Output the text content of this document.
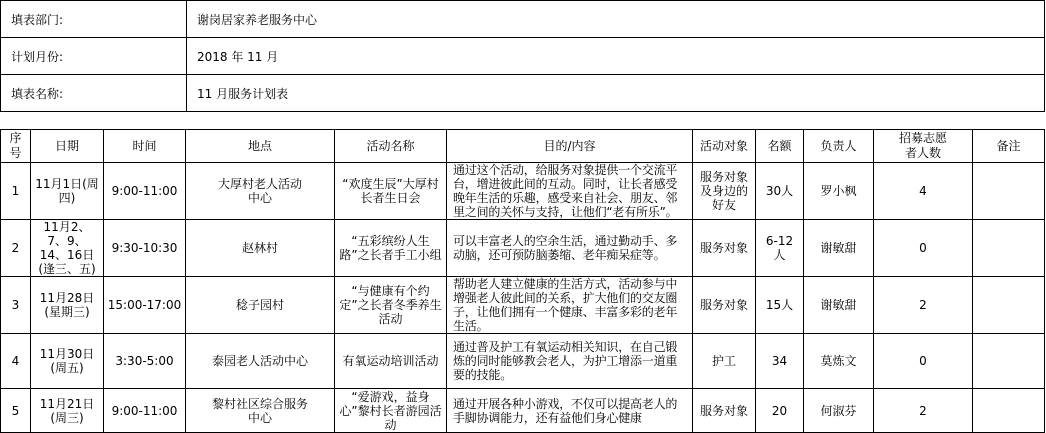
填表部门:	谢岗居家养老服务中心
计划月份:	2018 年 11 月
填表名称:	11 月服务计划表
序号	日期	时间	地点	活动名称	目的/内容	活动对象	名额	负责人	招募志愿者人数	备注
1	11月1日(周四)	9:00-11:00	大厚村老人活动中心	“欢度生辰”大厚村长者生日会	通过这个活动，给服务对象提供一个交流平台，增进彼此间的互动。同时，让长者感受晚年生活的乐趣，感受来自社会、朋友、邻里之间的关怀与支持，让他们“老有所乐”。	服务对象及身边的好友	30人	罗小枫	4	
2	11月2、7、9、14、16日(逢三、五)	9:30-10:30	赵林村	“五彩缤纷人生路”之长者手工小组	可以丰富老人的空余生活，通过勤动手、多动脑，还可预防脑萎缩、老年痴呆症等。	服务对象	6-12人	谢敏甜	0	
3	11月28日(星期三)	15:00-17:00	稔子园村	“与健康有个约定”之长者冬季养生活动	帮助老人建立健康的生活方式，活动参与中增强老人彼此间的关系，扩大他们的交友圈子，让他们拥有一个健康、丰富多彩的老年生活。	服务对象	15人	谢敏甜	2	
4	11月30日(周五)	3:30-5:00	泰园老人活动中心	有氧运动培训活动	通过普及护工有氧运动相关知识，在自己锻炼的同时能够教会老人，为护工增添一道重要的技能。	护工	34	莫炼文	0	
5	11月21日(周三)	9:00-11:00	黎村社区综合服务中心	“爱游戏，益身心”黎村长者游园活动	通过开展各种小游戏，不仅可以提高老人的手脚协调能力，还有益他们身心健康	服务对象	20	何淑芬	2	
